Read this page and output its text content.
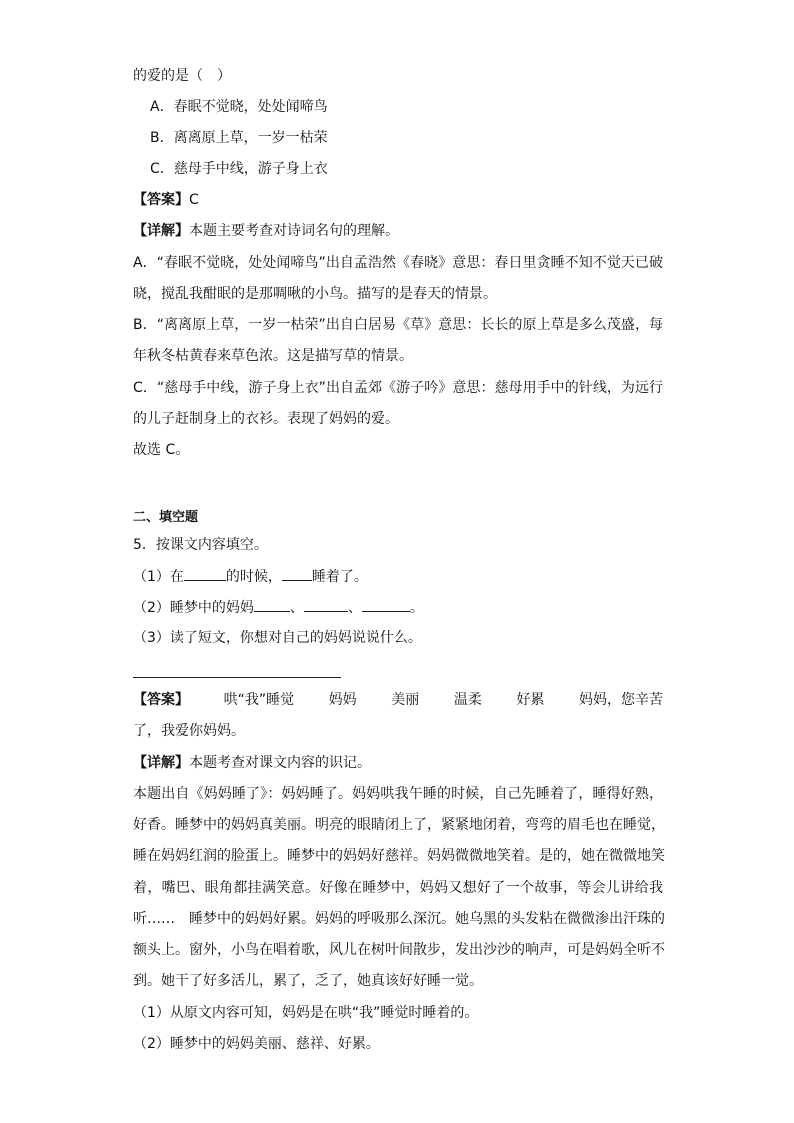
的爱的是（　）
A．春眠不觉晓，处处闻啼鸟
B．离离原上草，一岁一枯荣
C．慈母手中线，游子身上衣
【答案】C
【详解】本题主要考查对诗词名句的理解。
A．“春眠不觉晓，处处闻啼鸟”出自孟浩然《春晓》意思：春日里贪睡不知不觉天已破
晓，搅乱我酣眠的是那啁啾的小鸟。描写的是春天的情景。
B．“离离原上草，一岁一枯荣”出自白居易《草》意思：长长的原上草是多么茂盛，每
年秋冬枯黄春来草色浓。这是描写草的情景。
C．“慈母手中线，游子身上衣”出自孟郊《游子吟》意思：慈母用手中的针线，为远行
的儿子赶制身上的衣衫。表现了妈妈的爱。
故选 C。
二、填空题
5．按课文内容填空。
（1）在	的时候， 睡着了。
（2）睡梦中的妈妈	、	、	。
（3）读了短文，你想对自己的妈妈说说什么。
【答案】 哄“我”睡觉 妈妈 美丽 温柔 好累 妈妈，您辛苦
了，我爱你妈妈。
【详解】本题考查对课文内容的识记。
本题出自《妈妈睡了》：妈妈睡了。妈妈哄我午睡的时候，自己先睡着了，睡得好熟，
好香。睡梦中的妈妈真美丽。明亮的眼睛闭上了，紧紧地闭着，弯弯的眉毛也在睡觉，
睡在妈妈红润的脸蛋上。睡梦中的妈妈好慈祥。妈妈微微地笑着。是的，她在微微地笑
着，嘴巴、眼角都挂满笑意。好像在睡梦中，妈妈又想好了一个故事，等会儿讲给我
听……　睡梦中的妈妈好累。妈妈的呼吸那么深沉。她乌黑的头发粘在微微渗出汗珠的
额头上。窗外，小鸟在唱着歌，风儿在树叶间散步，发出沙沙的响声，可是妈妈全听不
到。她干了好多活儿，累了，乏了，她真该好好睡一觉。
（1）从原文内容可知，妈妈是在哄“我”睡觉时睡着的。
（2）睡梦中的妈妈美丽、慈祥、好累。
